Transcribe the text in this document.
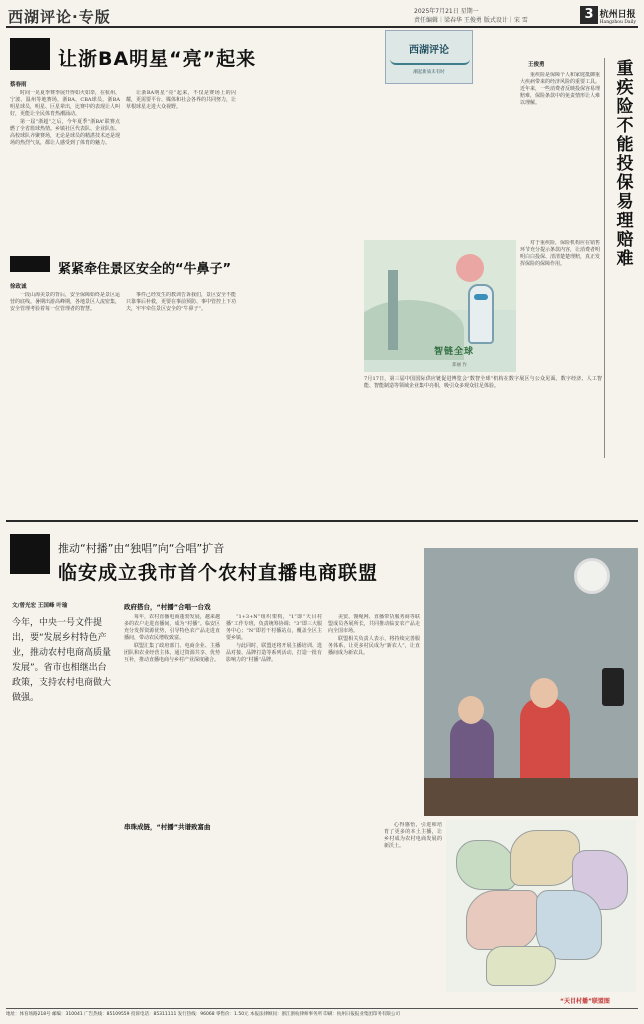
西湖评论·专版	2025年7月21日 星期一
责任编辑｜梁春华 王俊勇 版式设计｜宋 雪	3 杭州日报
Hangzhou Daily
让浙BA明星“亮”起来
蔡春雨

时间一晃夏季赛季展开得如火如荼，在杭州、宁波、温州等地赛场，浙BA、CBA球员、浙BA明星球员，明星、巨星辈出，比赛中的表现让人叫好，更能让全民体育热潮涌动。

第一届“浙超”之后，今年夏季“浙BA”联赛点燃了全省篮球热情。乡镇社区代表队、企业队伍、高校球队齐聚赛场，无论是球员的精湛技术还是现场的热烈气氛，都让人感受到了体育的魅力。

让浙BA明星“亮”起来，不仅是赛场上的闪耀，更需要平台、媒体和社会各界的共同努力，让草根球星走进大众视野。

西湖评论
潮起新质未有时
紧紧牵住景区安全的“牛鼻子”
徐政诚

一段山海美景的背后，安全保障始终是景区运营的底线。暑期出游高峰期，各地景区人流密集，安全管理考验着每一位管理者的智慧。

事件己经发生的教训告诉我们，景区安全不能只靠事后补救，更要在事前预防、事中管控上下功夫，牢牢牵住景区安全的“牛鼻子”。

重疾险不能投保易理赔难
王俊勇

重疾险是保障个人和家庭抵御重大疾病带来的经济风险的重要工具。近年来，一些消费者反映投保容易理赔难，保险条款中的免责情形让人难以理解。

对于重疾险，保险机构应在销售环节充分提示条款内容，让消费者明明白白投保、清清楚楚理赔，真正发挥保险的保障作用。

智链全球
郑丽 作
7月17日，第三届中国国际供应链促进博览会“数智全球”机构在数字展区与公众见面。数字经济、人工智能、智能制造等领域企业集中亮相，吸引众多观众驻足体验。
推动“村播”由“独唱”向“合唱”扩音
临安成立我市首个农村直播电商联盟
文/曾光宏 王国峰 叶瑜
今年，中央一号文件提出，要“发展乡村特色产业，推动农村电商高质量发展”。省市也相继出台政策，支持农村电商做大做强。
政府搭台，“村播”合唱一台戏

每年，农村直播电商蓬勃发展，越来越多的农户走进直播间，成为“村播”。临安区充分发挥资源优势，引导特色农产品走进直播间，带动农民增收致富。

联盟汇集了政府部门、电商企业、主播团队和农业经营主体，通过资源共享、优势互补，推动直播电商与乡村产业深度融合。

串珠成链，“村播”共谱致富曲

“1+3+N”组织架构，“1”即“天目村播”工作专班，负责统筹协调；“3”即三大服务中心；“N”即若干村播站点，覆盖全区主要乡镇。

与此同时，联盟还将开展主播培训、选品对接、品牌打造等系列活动，打造一批有影响力的“村播”品牌。

美贸、馒绳网、直播带货服务商等联盟成员各展所长，共同推动临安农产品走向全国市场。

联盟相关负责人表示，将持续完善服务体系，让更多村民成为“新农人”，让直播间成为新农具。

心得感悟，引进和培育了更多的本土主播，让乡村成为农村电商发展的新沃土。

“天目村播”联盟图
地址：体育场路218号 邮编：310041 广告热线：85109559 投诉电话：85311111 发行热线：96068 零售价：1.50元 本报法律顾问：浙江浙杭律师事务所 印刷：杭州日报报业集团印务有限公司
